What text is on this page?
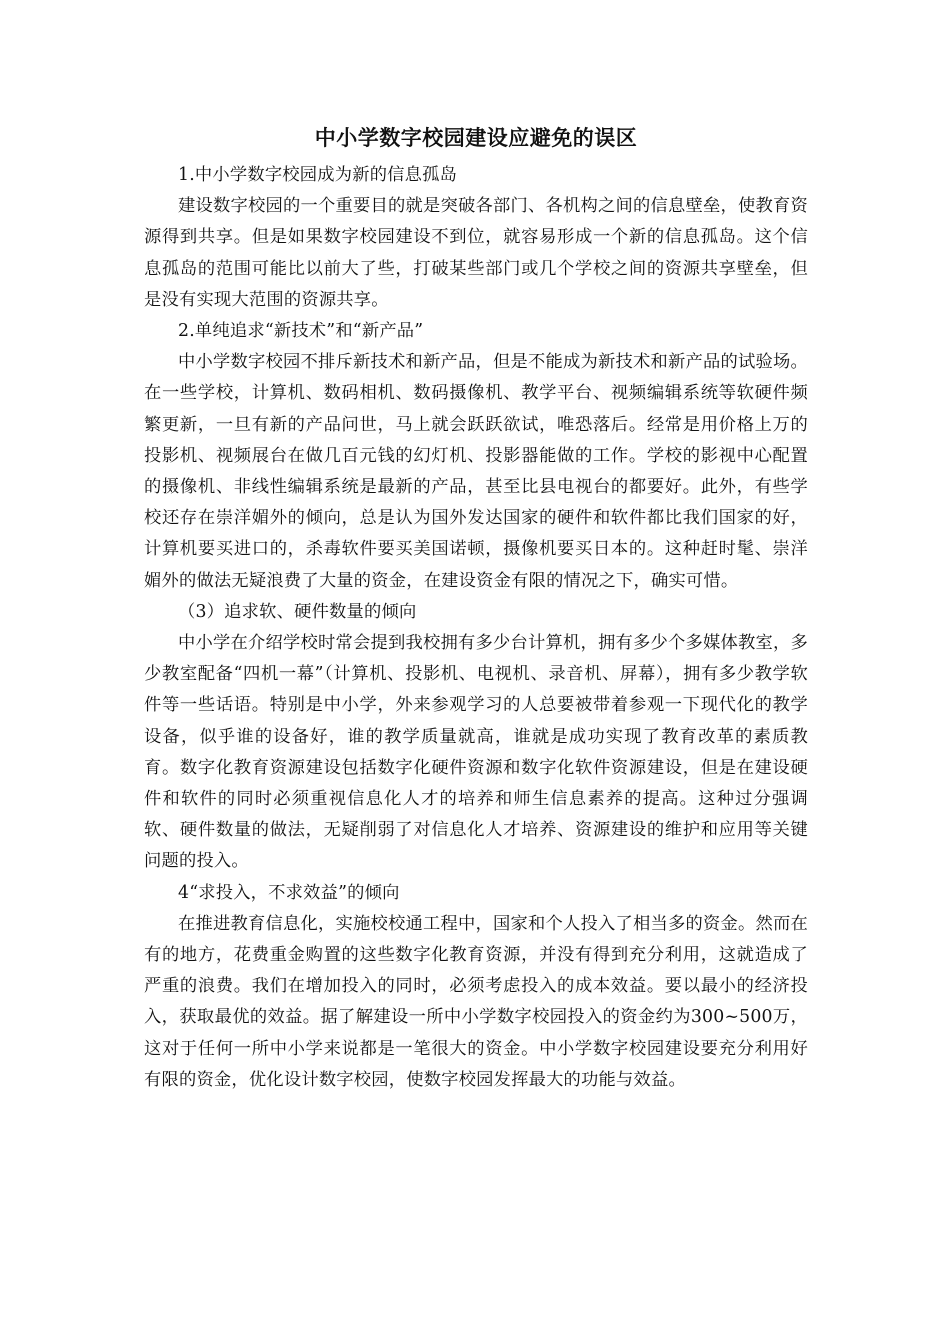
中小学数字校园建设应避免的误区

1.中小学数字校园成为新的信息孤岛

建设数字校园的一个重要目的就是突破各部门、各机构之间的信息壁垒，使教育资源得到共享。但是如果数字校园建设不到位，就容易形成一个新的信息孤岛。这个信息孤岛的范围可能比以前大了些，打破某些部门或几个学校之间的资源共享壁垒，但是没有实现大范围的资源共享。

2.单纯追求“新技术”和“新产品”

中小学数字校园不排斥新技术和新产品，但是不能成为新技术和新产品的试验场。在一些学校，计算机、数码相机、数码摄像机、教学平台、视频编辑系统等软硬件频繁更新，一旦有新的产品问世，马上就会跃跃欲试，唯恐落后。经常是用价格上万的投影机、视频展台在做几百元钱的幻灯机、投影器能做的工作。学校的影视中心配置的摄像机、非线性编辑系统是最新的产品，甚至比县电视台的都要好。此外，有些学校还存在崇洋媚外的倾向，总是认为国外发达国家的硬件和软件都比我们国家的好，计算机要买进口的，杀毒软件要买美国诺顿，摄像机要买日本的。这种赶时髦、崇洋媚外的做法无疑浪费了大量的资金，在建设资金有限的情况之下，确实可惜。

（3）追求软、硬件数量的倾向

中小学在介绍学校时常会提到我校拥有多少台计算机，拥有多少个多媒体教室，多少教室配备“四机一幕”（计算机、投影机、电视机、录音机、屏幕），拥有多少教学软件等一些话语。特别是中小学，外来参观学习的人总要被带着参观一下现代化的教学设备，似乎谁的设备好，谁的教学质量就高，谁就是成功实现了教育改革的素质教育。数字化教育资源建设包括数字化硬件资源和数字化软件资源建设，但是在建设硬件和软件的同时必须重视信息化人才的培养和师生信息素养的提高。这种过分强调软、硬件数量的做法，无疑削弱了对信息化人才培养、资源建设的维护和应用等关键问题的投入。

4“求投入，不求效益”的倾向

在推进教育信息化，实施校校通工程中，国家和个人投入了相当多的资金。然而在有的地方，花费重金购置的这些数字化教育资源，并没有得到充分利用，这就造成了严重的浪费。我们在增加投入的同时，必须考虑投入的成本效益。要以最小的经济投入，获取最优的效益。据了解建设一所中小学数字校园投入的资金约为300~500万，这对于任何一所中小学来说都是一笔很大的资金。中小学数字校园建设要充分利用好有限的资金，优化设计数字校园，使数字校园发挥最大的功能与效益。
